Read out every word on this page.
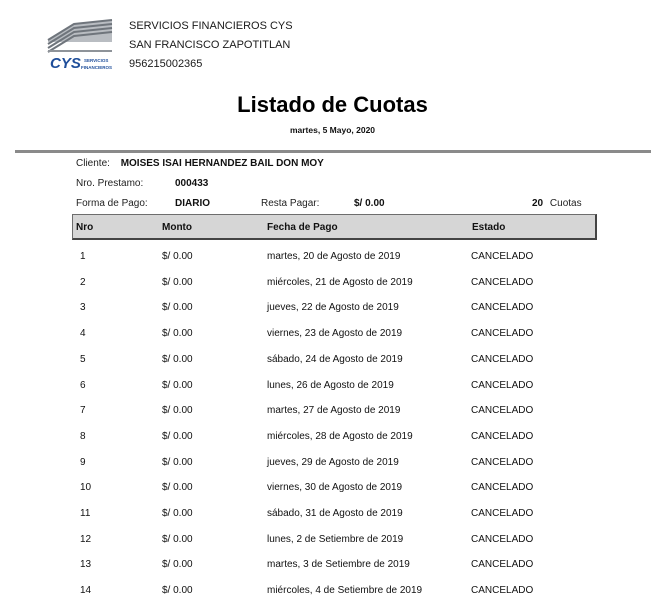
CYS SERVICIOS
FINANCIEROS
SERVICIOS FINANCIEROS CYS
SAN FRANCISCO ZAPOTITLAN
956215002365
Listado de Cuotas
martes, 5 Mayo, 2020
Cliente: MOISES ISAI HERNANDEZ BAIL DON MOY
Nro. Prestamo:	000433
Forma de Pago:	DIARIO	Resta Pagar:	$/ 0.00	20 Cuotas
Nro	Monto	Fecha de Pago	Estado
1	$/ 0.00	martes, 20 de Agosto de 2019	CANCELADO
2	$/ 0.00	miércoles, 21 de Agosto de 2019	CANCELADO
3	$/ 0.00	jueves, 22 de Agosto de 2019	CANCELADO
4	$/ 0.00	viernes, 23 de Agosto de 2019	CANCELADO
5	$/ 0.00	sábado, 24 de Agosto de 2019	CANCELADO
6	$/ 0.00	lunes, 26 de Agosto de 2019	CANCELADO
7	$/ 0.00	martes, 27 de Agosto de 2019	CANCELADO
8	$/ 0.00	miércoles, 28 de Agosto de 2019	CANCELADO
9	$/ 0.00	jueves, 29 de Agosto de 2019	CANCELADO
10	$/ 0.00	viernes, 30 de Agosto de 2019	CANCELADO
11	$/ 0.00	sábado, 31 de Agosto de 2019	CANCELADO
12	$/ 0.00	lunes, 2 de Setiembre de 2019	CANCELADO
13	$/ 0.00	martes, 3 de Setiembre de 2019	CANCELADO
14	$/ 0.00	miércoles, 4 de Setiembre de 2019	CANCELADO
